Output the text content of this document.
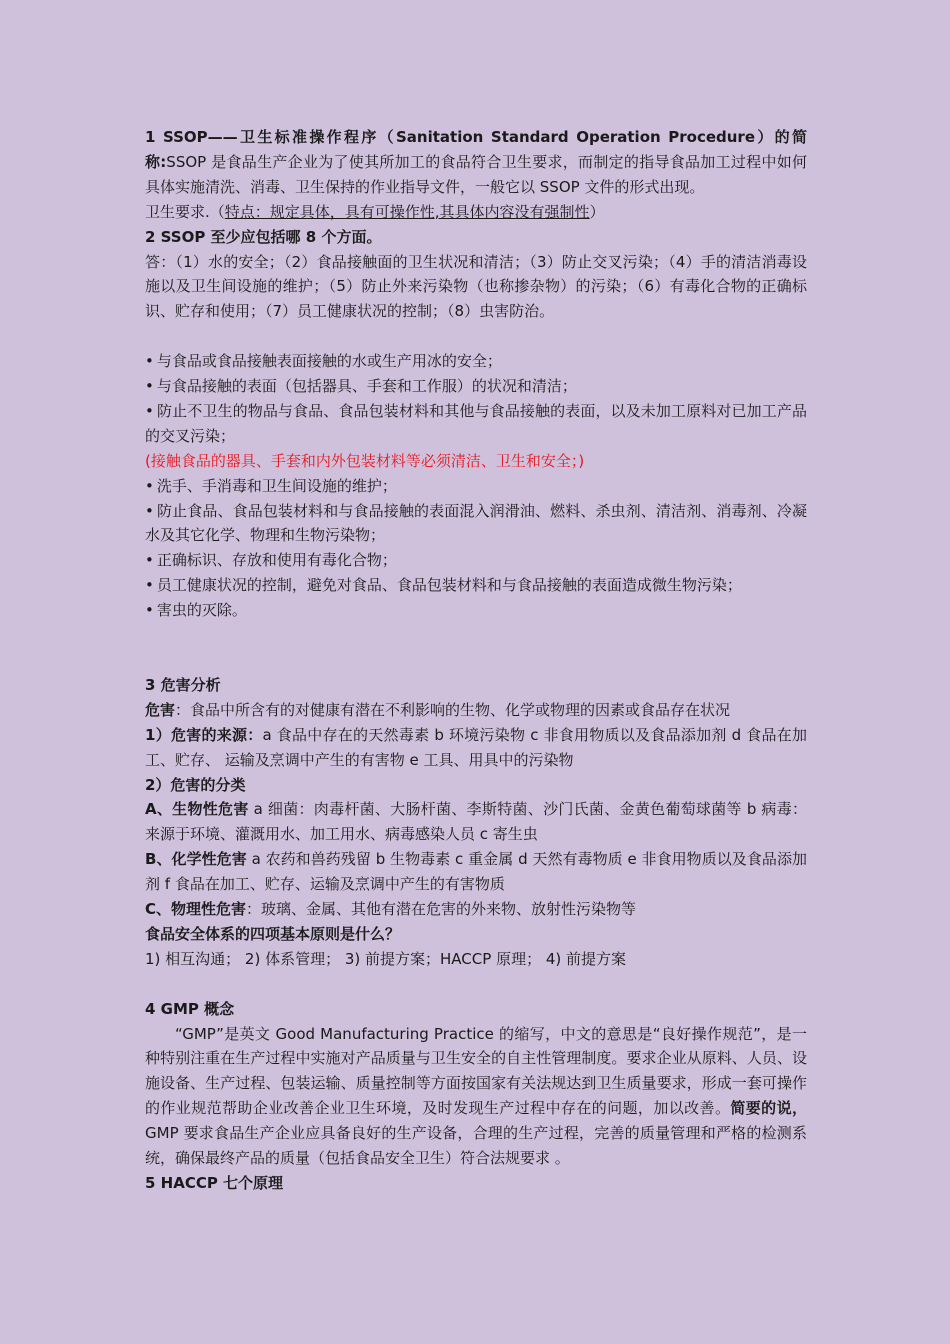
1 SSOP——卫生标准操作程序（Sanitation Standard Operation Procedure）的简称:SSOP 是食品生产企业为了使其所加工的食品符合卫生要求，而制定的指导食品加工过程中如何具体实施清洗、消毒、卫生保持的作业指导文件，一般它以 SSOP 文件的形式出现。

卫生要求.（特点：规定具体，具有可操作性,其具体内容没有强制性）

2 SSOP 至少应包括哪 8 个方面。

答：（1）水的安全；（2）食品接触面的卫生状况和清洁；（3）防止交叉污染；（4）手的清洁消毒设施以及卫生间设施的维护；（5）防止外来污染物（也称掺杂物）的污染；（6）有毒化合物的正确标识、贮存和使用；（7）员工健康状况的控制；（8）虫害防治。

• 与食品或食品接触表面接触的水或生产用冰的安全；

• 与食品接触的表面（包括器具、手套和工作服）的状况和清洁；

• 防止不卫生的物品与食品、食品包装材料和其他与食品接触的表面，以及未加工原料对已加工产品的交叉污染；

(接触食品的器具、手套和内外包装材料等必须清洁、卫生和安全；)

• 洗手、手消毒和卫生间设施的维护；

• 防止食品、食品包装材料和与食品接触的表面混入润滑油、燃料、杀虫剂、清洁剂、消毒剂、冷凝水及其它化学、物理和生物污染物；

• 正确标识、存放和使用有毒化合物；

• 员工健康状况的控制，避免对食品、食品包装材料和与食品接触的表面造成微生物污染；

• 害虫的灭除。

3 危害分析

危害：食品中所含有的对健康有潜在不利影响的生物、化学或物理的因素或食品存在状况

1）危害的来源：a 食品中存在的天然毒素 b 环境污染物 c 非食用物质以及食品添加剂 d 食品在加工、贮存、 运输及烹调中产生的有害物 e 工具、用具中的污染物

2）危害的分类

A、生物性危害 a 细菌：肉毒杆菌、大肠杆菌、李斯特菌、沙门氏菌、金黄色葡萄球菌等 b 病毒：来源于环境、灌溉用水、加工用水、病毒感染人员 c 寄生虫

B、化学性危害 a 农药和兽药残留 b 生物毒素 c 重金属 d 天然有毒物质 e 非食用物质以及食品添加剂 f 食品在加工、贮存、运输及烹调中产生的有害物质

C、物理性危害：玻璃、金属、其他有潜在危害的外来物、放射性污染物等

食品安全体系的四项基本原则是什么？

1) 相互沟通； 2) 体系管理； 3) 前提方案；HACCP 原理； 4) 前提方案

4 GMP 概念

“GMP”是英文 Good Manufacturing Practice 的缩写，中文的意思是“良好操作规范”，是一种特别注重在生产过程中实施对产品质量与卫生安全的自主性管理制度。要求企业从原料、人员、设施设备、生产过程、包装运输、质量控制等方面按国家有关法规达到卫生质量要求，形成一套可操作的作业规范帮助企业改善企业卫生环境，及时发现生产过程中存在的问题，加以改善。简要的说，GMP 要求食品生产企业应具备良好的生产设备，合理的生产过程，完善的质量管理和严格的检测系统，确保最终产品的质量（包括食品安全卫生）符合法规要求 。

5 HACCP 七个原理
